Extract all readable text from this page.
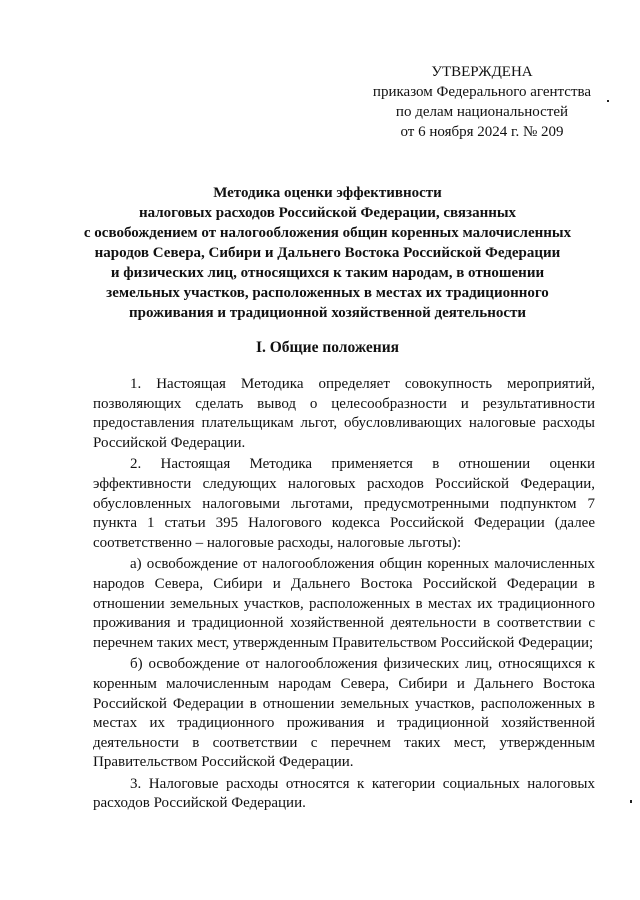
УТВЕРЖДЕНА
приказом Федерального агентства
по делам национальностей
от 6 ноября 2024 г. № 209
Методика оценки эффективности
налоговых расходов Российской Федерации, связанных
с освобождением от налогообложения общин коренных малочисленных
народов Севера, Сибири и Дальнего Востока Российской Федерации
и физических лиц, относящихся к таким народам, в отношении
земельных участков, расположенных в местах их традиционного
проживания и традиционной хозяйственной деятельности
I. Общие положения

1. Настоящая Методика определяет совокупность мероприятий, позволяющих сделать вывод о целесообразности и результативности предоставления плательщикам льгот, обусловливающих налоговые расходы Российской Федерации.

2. Настоящая Методика применяется в отношении оценки эффективности следующих налоговых расходов Российской Федерации, обусловленных налоговыми льготами, предусмотренными подпунктом 7 пункта 1 статьи 395 Налогового кодекса Российской Федерации (далее соответственно – налоговые расходы, налоговые льготы):

а) освобождение от налогообложения общин коренных малочисленных народов Севера, Сибири и Дальнего Востока Российской Федерации в отношении земельных участков, расположенных в местах их традиционного проживания и традиционной хозяйственной деятельности в соответствии с перечнем таких мест, утвержденным Правительством Российской Федерации;

б) освобождение от налогообложения физических лиц, относящихся к коренным малочисленным народам Севера, Сибири и Дальнего Востока Российской Федерации в отношении земельных участков, расположенных в местах их традиционного проживания и традиционной хозяйственной деятельности в соответствии с перечнем таких мест, утвержденным Правительством Российской Федерации.

3. Налоговые расходы относятся к категории социальных налоговых расходов Российской Федерации.
